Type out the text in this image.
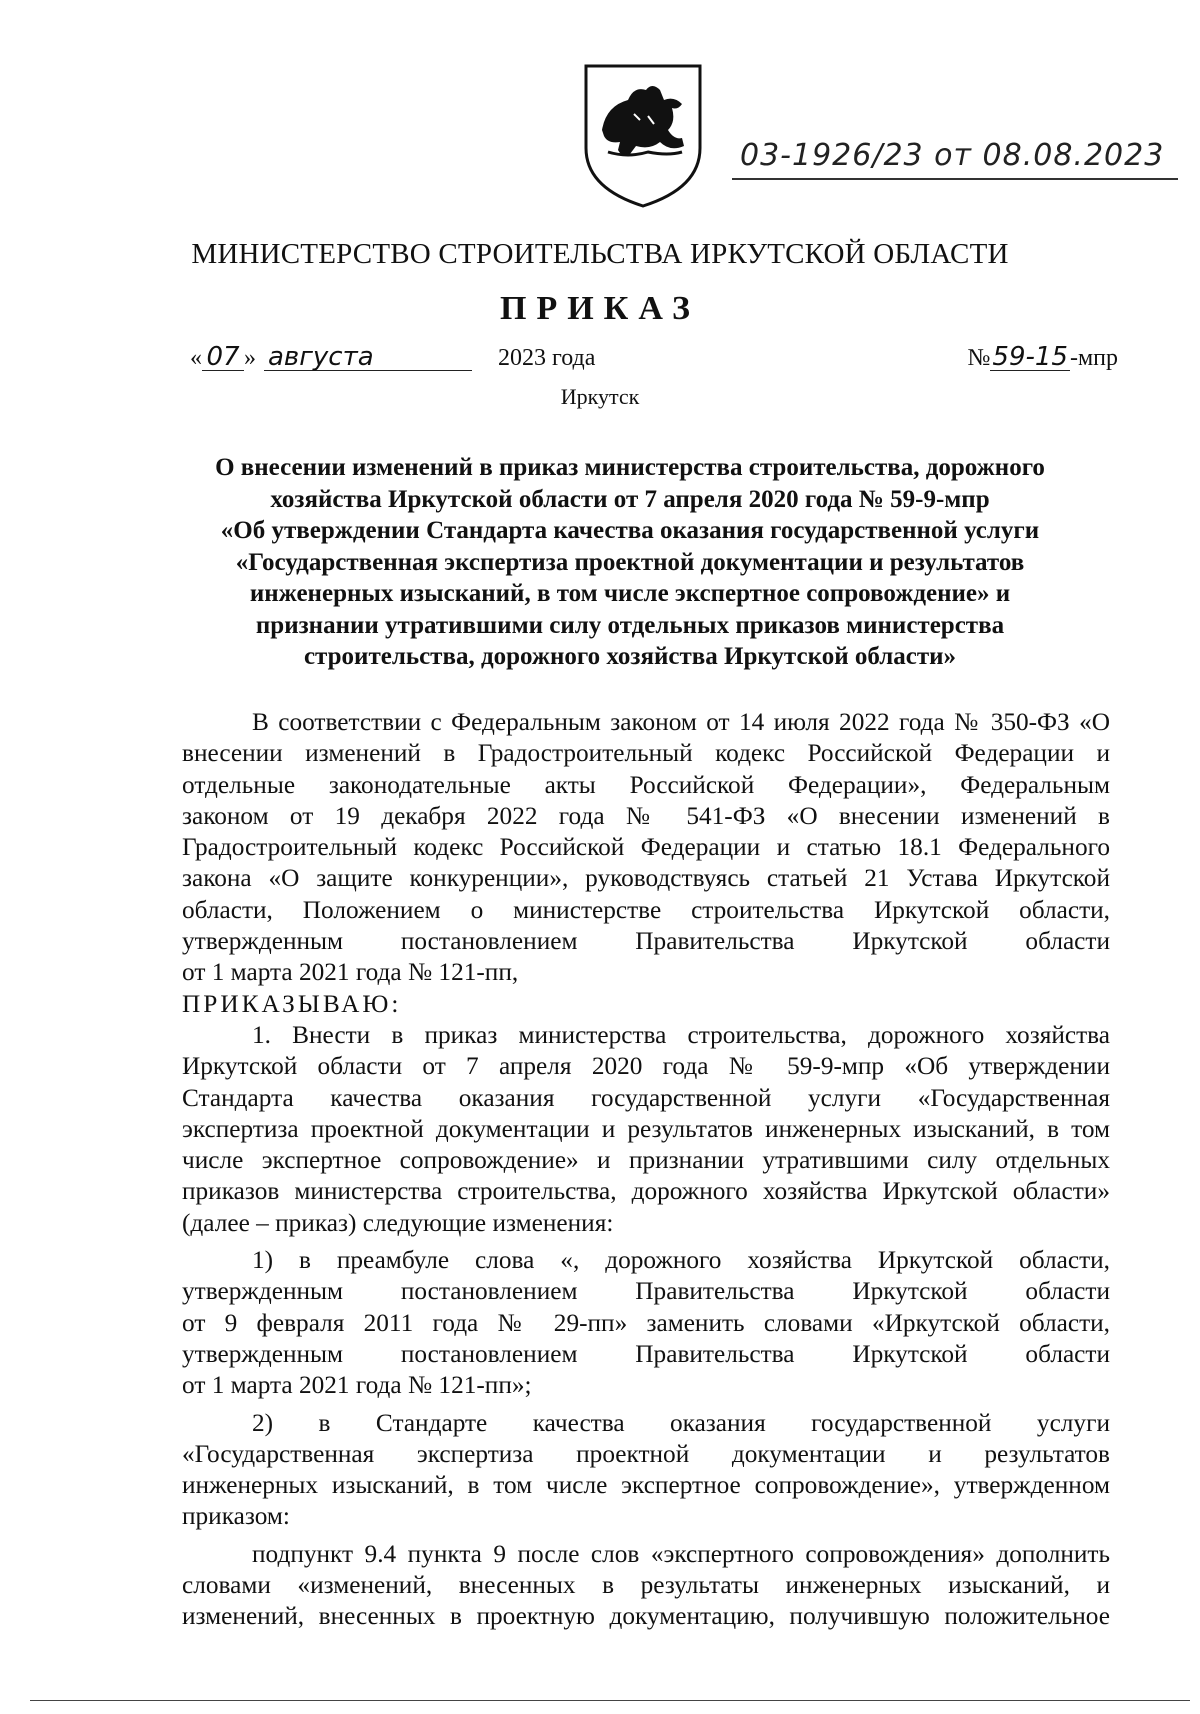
03-1926/23 от 08.08.2023
МИНИСТЕРСТВО СТРОИТЕЛЬСТВА ИРКУТСКОЙ ОБЛАСТИ
ПРИКАЗ
« 07 » августа	2023 года	№59-15-мпр
Иркутск
О внесении изменений в приказ министерства строительства, дорожного
хозяйства Иркутской области от 7 апреля 2020 года № 59-9-мпр
«Об утверждении Стандарта качества оказания государственной услуги
«Государственная экспертиза проектной документации и результатов
инженерных изысканий, в том числе экспертное сопровождение» и
признании утратившими силу отдельных приказов министерства
строительства, дорожного хозяйства Иркутской области»

В соответствии с Федеральным законом от 14 июля 2022 года № 350-ФЗ «О

внесении изменений в Градостроительный кодекс Российской Федерации и

отдельные законодательные акты Российской Федерации», Федеральным

законом от 19 декабря 2022 года № 541-ФЗ «О внесении изменений в

Градостроительный кодекс Российской Федерации и статью 18.1 Федерального

закона «О защите конкуренции», руководствуясь статьей 21 Устава Иркутской

области, Положением о министерстве строительства Иркутской области,

утвержденным постановлением Правительства Иркутской области

от 1 марта 2021 года № 121-пп,

ПРИКАЗЫВАЮ:

1. Внести в приказ министерства строительства, дорожного хозяйства

Иркутской области от 7 апреля 2020 года № 59-9-мпр «Об утверждении

Стандарта качества оказания государственной услуги «Государственная

экспертиза проектной документации и результатов инженерных изысканий, в том

числе экспертное сопровождение» и признании утратившими силу отдельных

приказов министерства строительства, дорожного хозяйства Иркутской области»

(далее – приказ) следующие изменения:

1) в преамбуле слова «, дорожного хозяйства Иркутской области,

утвержденным постановлением Правительства Иркутской области

от 9 февраля 2011 года № 29-пп» заменить словами «Иркутской области,

утвержденным постановлением Правительства Иркутской области

от 1 марта 2021 года № 121-пп»;

2) в Стандарте качества оказания государственной услуги

«Государственная экспертиза проектной документации и результатов

инженерных изысканий, в том числе экспертное сопровождение», утвержденном

приказом:

подпункт 9.4 пункта 9 после слов «экспертного сопровождения» дополнить

словами «изменений, внесенных в результаты инженерных изысканий, и

изменений, внесенных в проектную документацию, получившую положительное
